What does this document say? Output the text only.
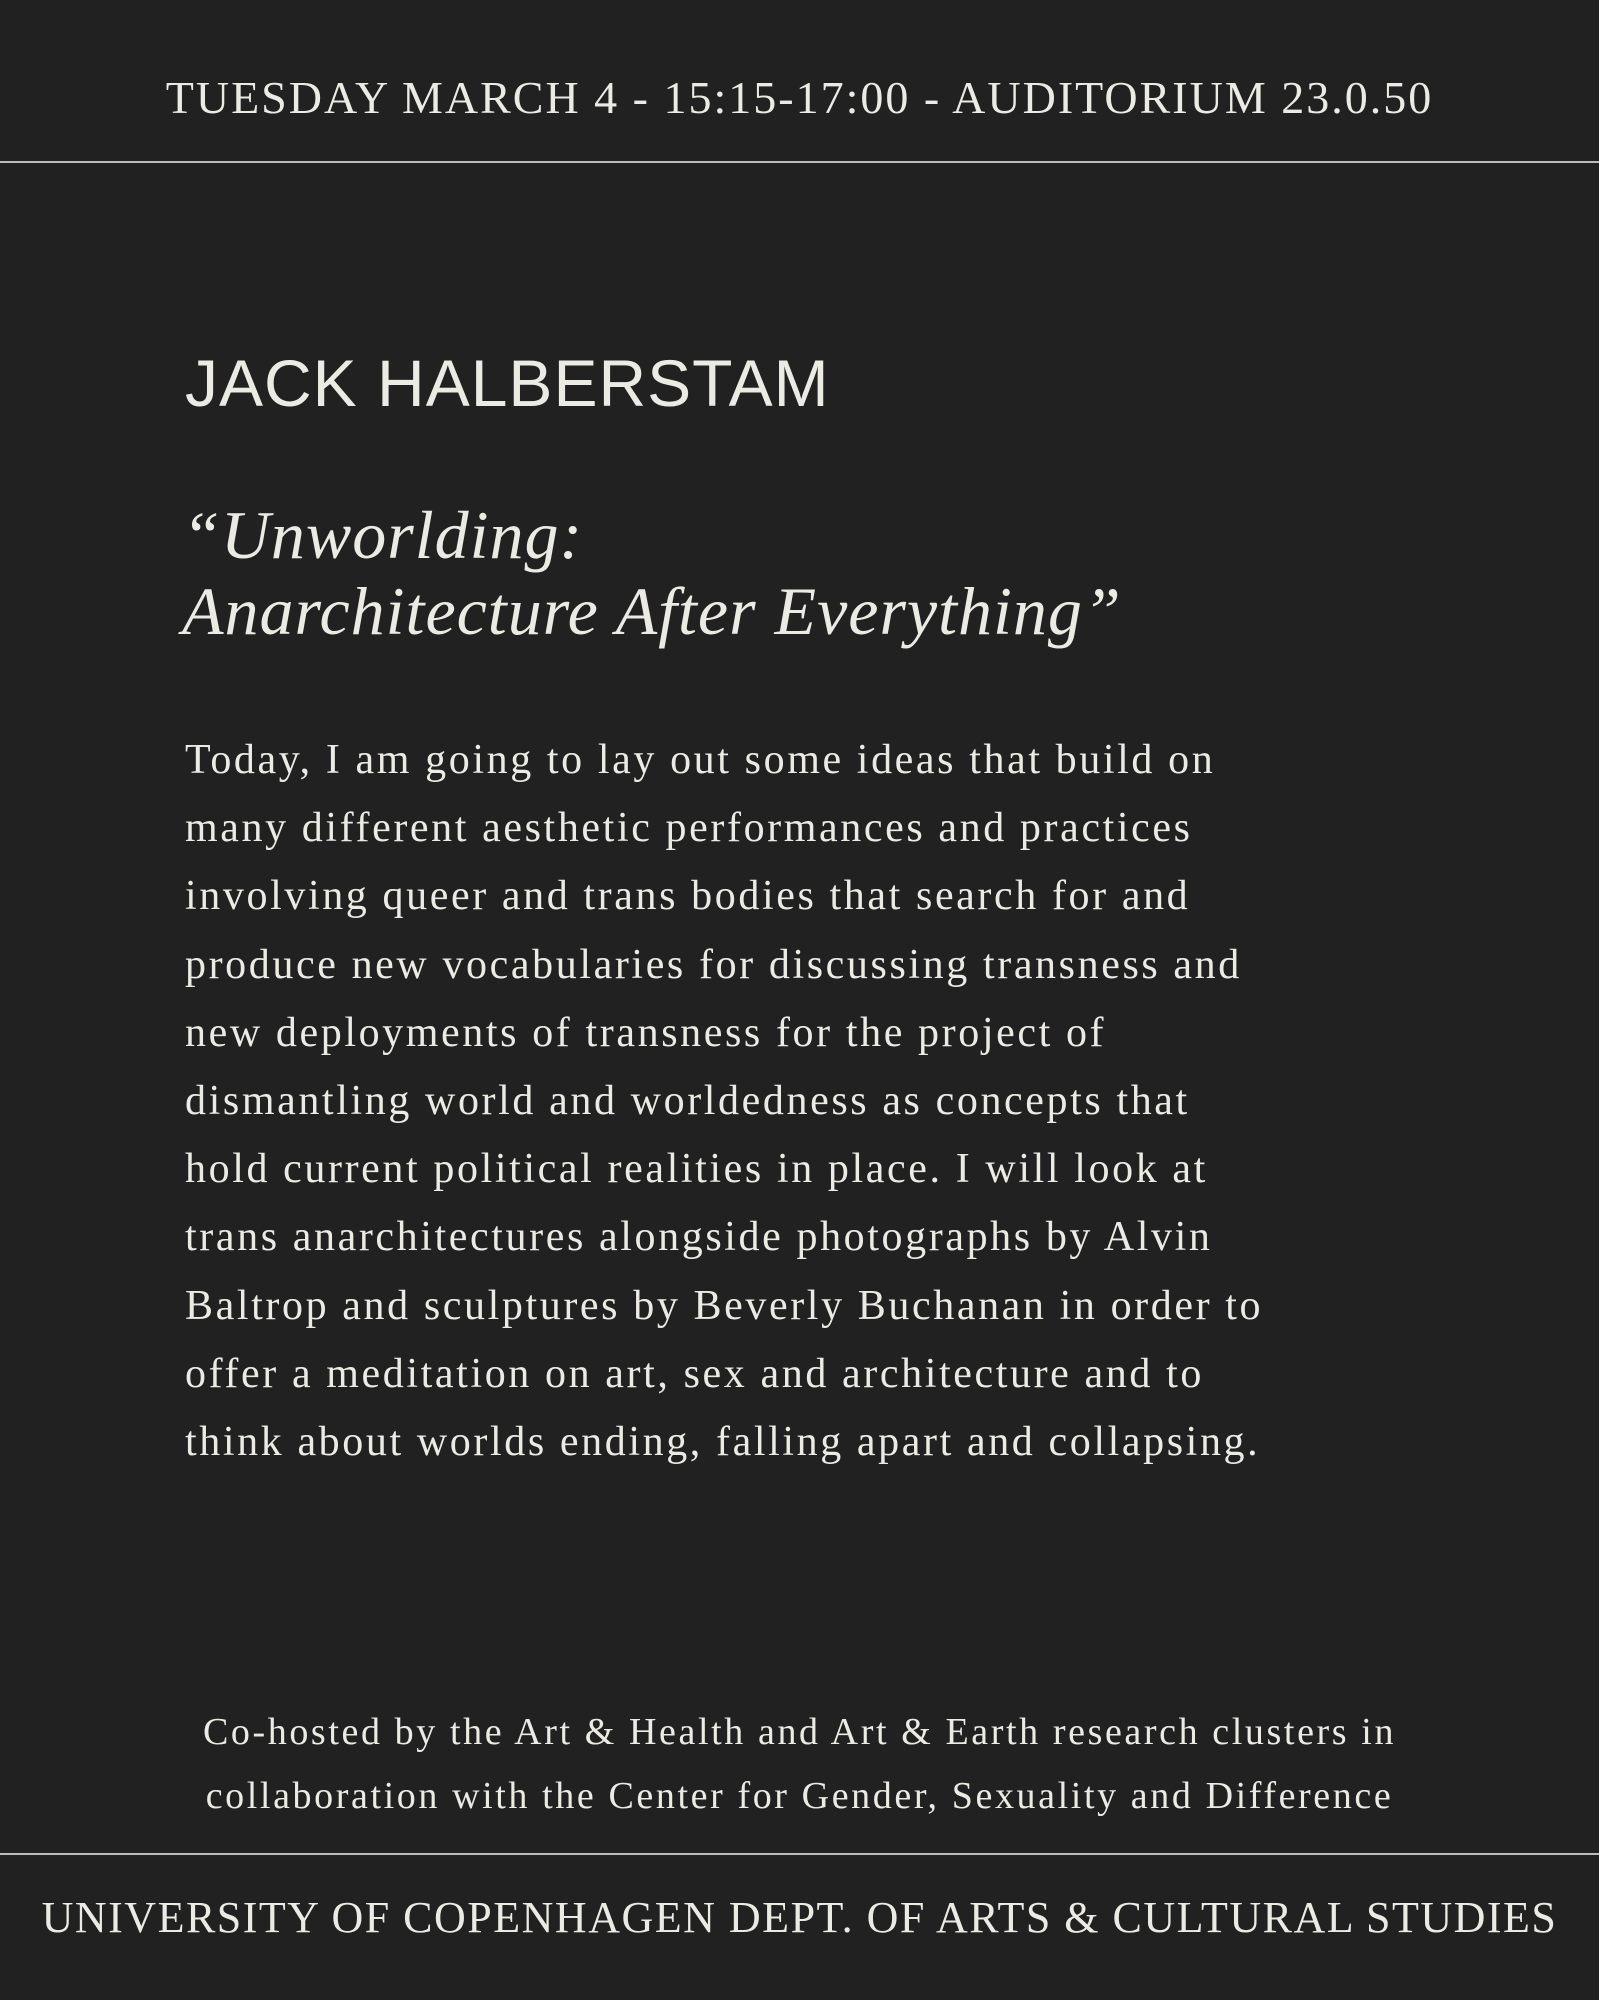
TUESDAY MARCH 4 - 15:15-17:00 - AUDITORIUM 23.0.50
JACK HALBERSTAM
“Unworlding:
Anarchitecture After Everything”
Today, I am going to lay out some ideas that build on
many different aesthetic performances and practices
involving queer and trans bodies that search for and
produce new vocabularies for discussing transness and
new deployments of transness for the project of
dismantling world and worldedness as concepts that
hold current political realities in place. I will look at
trans anarchitectures alongside photographs by Alvin
Baltrop and sculptures by Beverly Buchanan in order to
offer a meditation on art, sex and architecture and to
think about worlds ending, falling apart and collapsing.
Co-hosted by the Art & Health and Art & Earth research clusters in
collaboration with the Center for Gender, Sexuality and Difference
UNIVERSITY OF COPENHAGEN DEPT. OF ARTS & CULTURAL STUDIES
